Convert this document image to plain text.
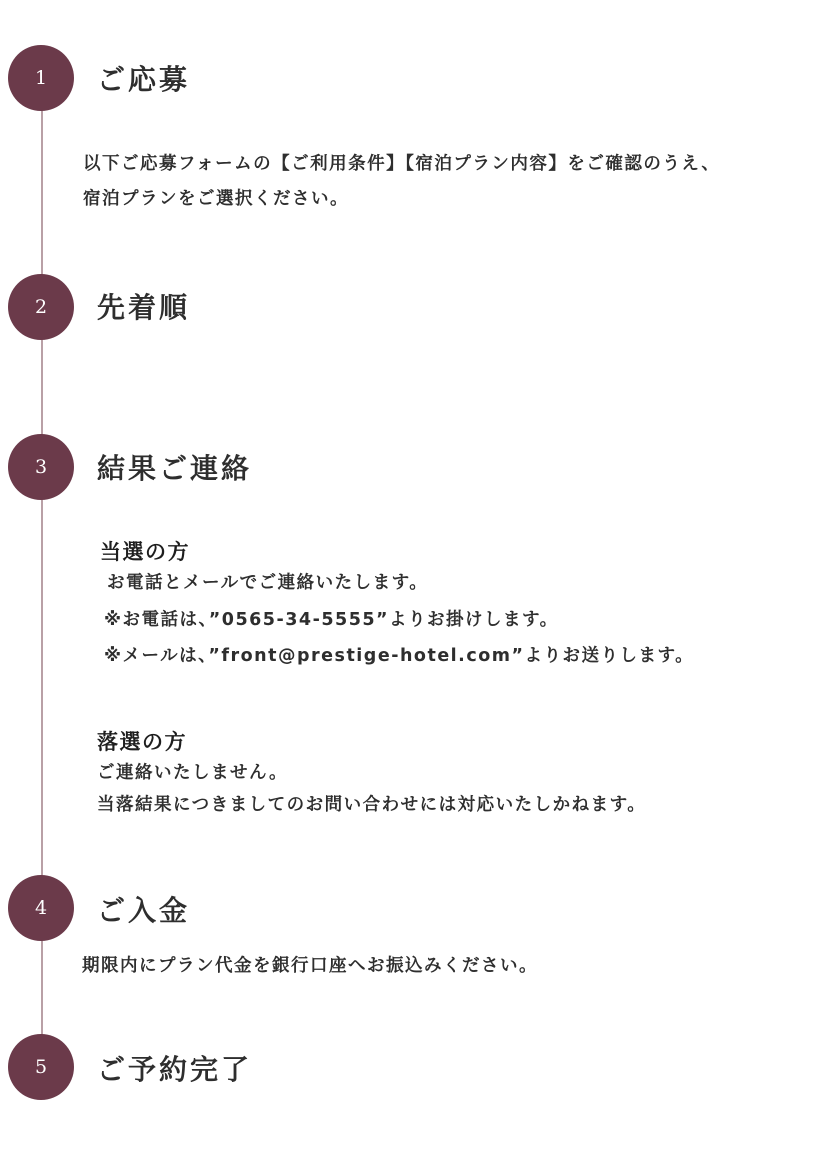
1 ご応募
以下ご応募フォームの【ご利用条件】【宿泊プラン内容】をご確認のうえ、
宿泊プランをご選択ください。
2 先着順
3 結果ご連絡
当選の方
お電話とメールでご連絡いたします。
※お電話は、”0565-34-5555”よりお掛けします。
※メールは、”front@prestige-hotel.com”よりお送りします。
落選の方
ご連絡いたしません。
当落結果につきましてのお問い合わせには対応いたしかねます。
4 ご入金
期限内にプラン代金を銀行口座へお振込みください。
5 ご予約完了
